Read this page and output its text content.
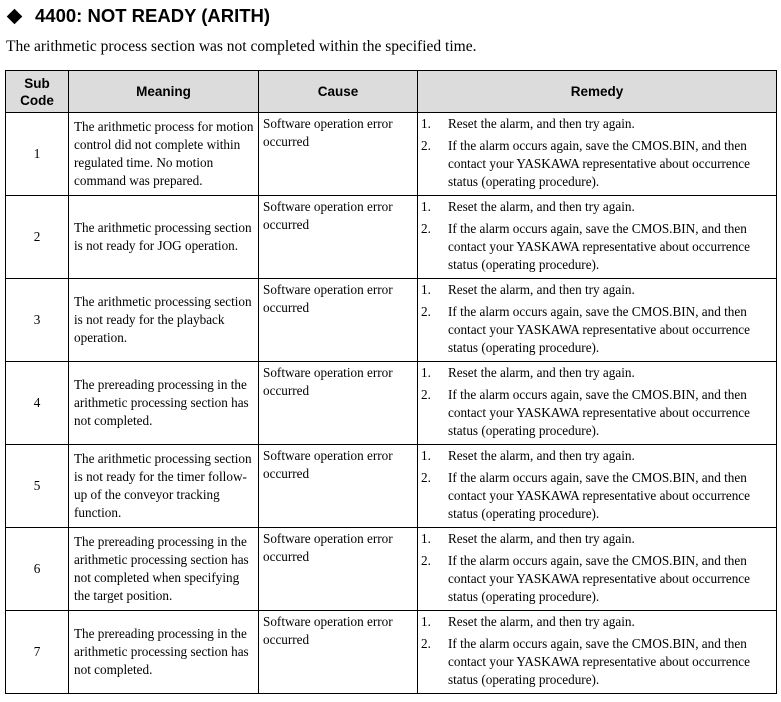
4400: NOT READY (ARITH)
The arithmetic process section was not completed within the specified time.
Sub Code	Meaning	Cause	Remedy
1	The arithmetic process for motion control did not complete within regulated time. No motion command was prepared.	Software operation error occurred	1. Reset the alarm, and then try again.
2. If the alarm occurs again, save the CMOS.BIN, and then contact your YASKAWA representative about occurrence status (operating procedure).

2	The arithmetic processing section is not ready for JOG operation.	Software operation error occurred	1. Reset the alarm, and then try again.
2. If the alarm occurs again, save the CMOS.BIN, and then contact your YASKAWA representative about occurrence status (operating procedure).

3	The arithmetic processing section is not ready for the playback operation.	Software operation error occurred	1. Reset the alarm, and then try again.
2. If the alarm occurs again, save the CMOS.BIN, and then contact your YASKAWA representative about occurrence status (operating procedure).

4	The prereading processing in the arithmetic processing section has not completed.	Software operation error occurred	1. Reset the alarm, and then try again.
2. If the alarm occurs again, save the CMOS.BIN, and then contact your YASKAWA representative about occurrence status (operating procedure).

5	The arithmetic processing section is not ready for the timer follow-up of the conveyor tracking function.	Software operation error occurred	1. Reset the alarm, and then try again.
2. If the alarm occurs again, save the CMOS.BIN, and then contact your YASKAWA representative about occurrence status (operating procedure).

6	The prereading processing in the arithmetic processing section has not completed when specifying the target position.	Software operation error occurred	1. Reset the alarm, and then try again.
2. If the alarm occurs again, save the CMOS.BIN, and then contact your YASKAWA representative about occurrence status (operating procedure).

7	The prereading processing in the arithmetic processing section has not completed.	Software operation error occurred	1. Reset the alarm, and then try again.
2. If the alarm occurs again, save the CMOS.BIN, and then contact your YASKAWA representative about occurrence status (operating procedure).
